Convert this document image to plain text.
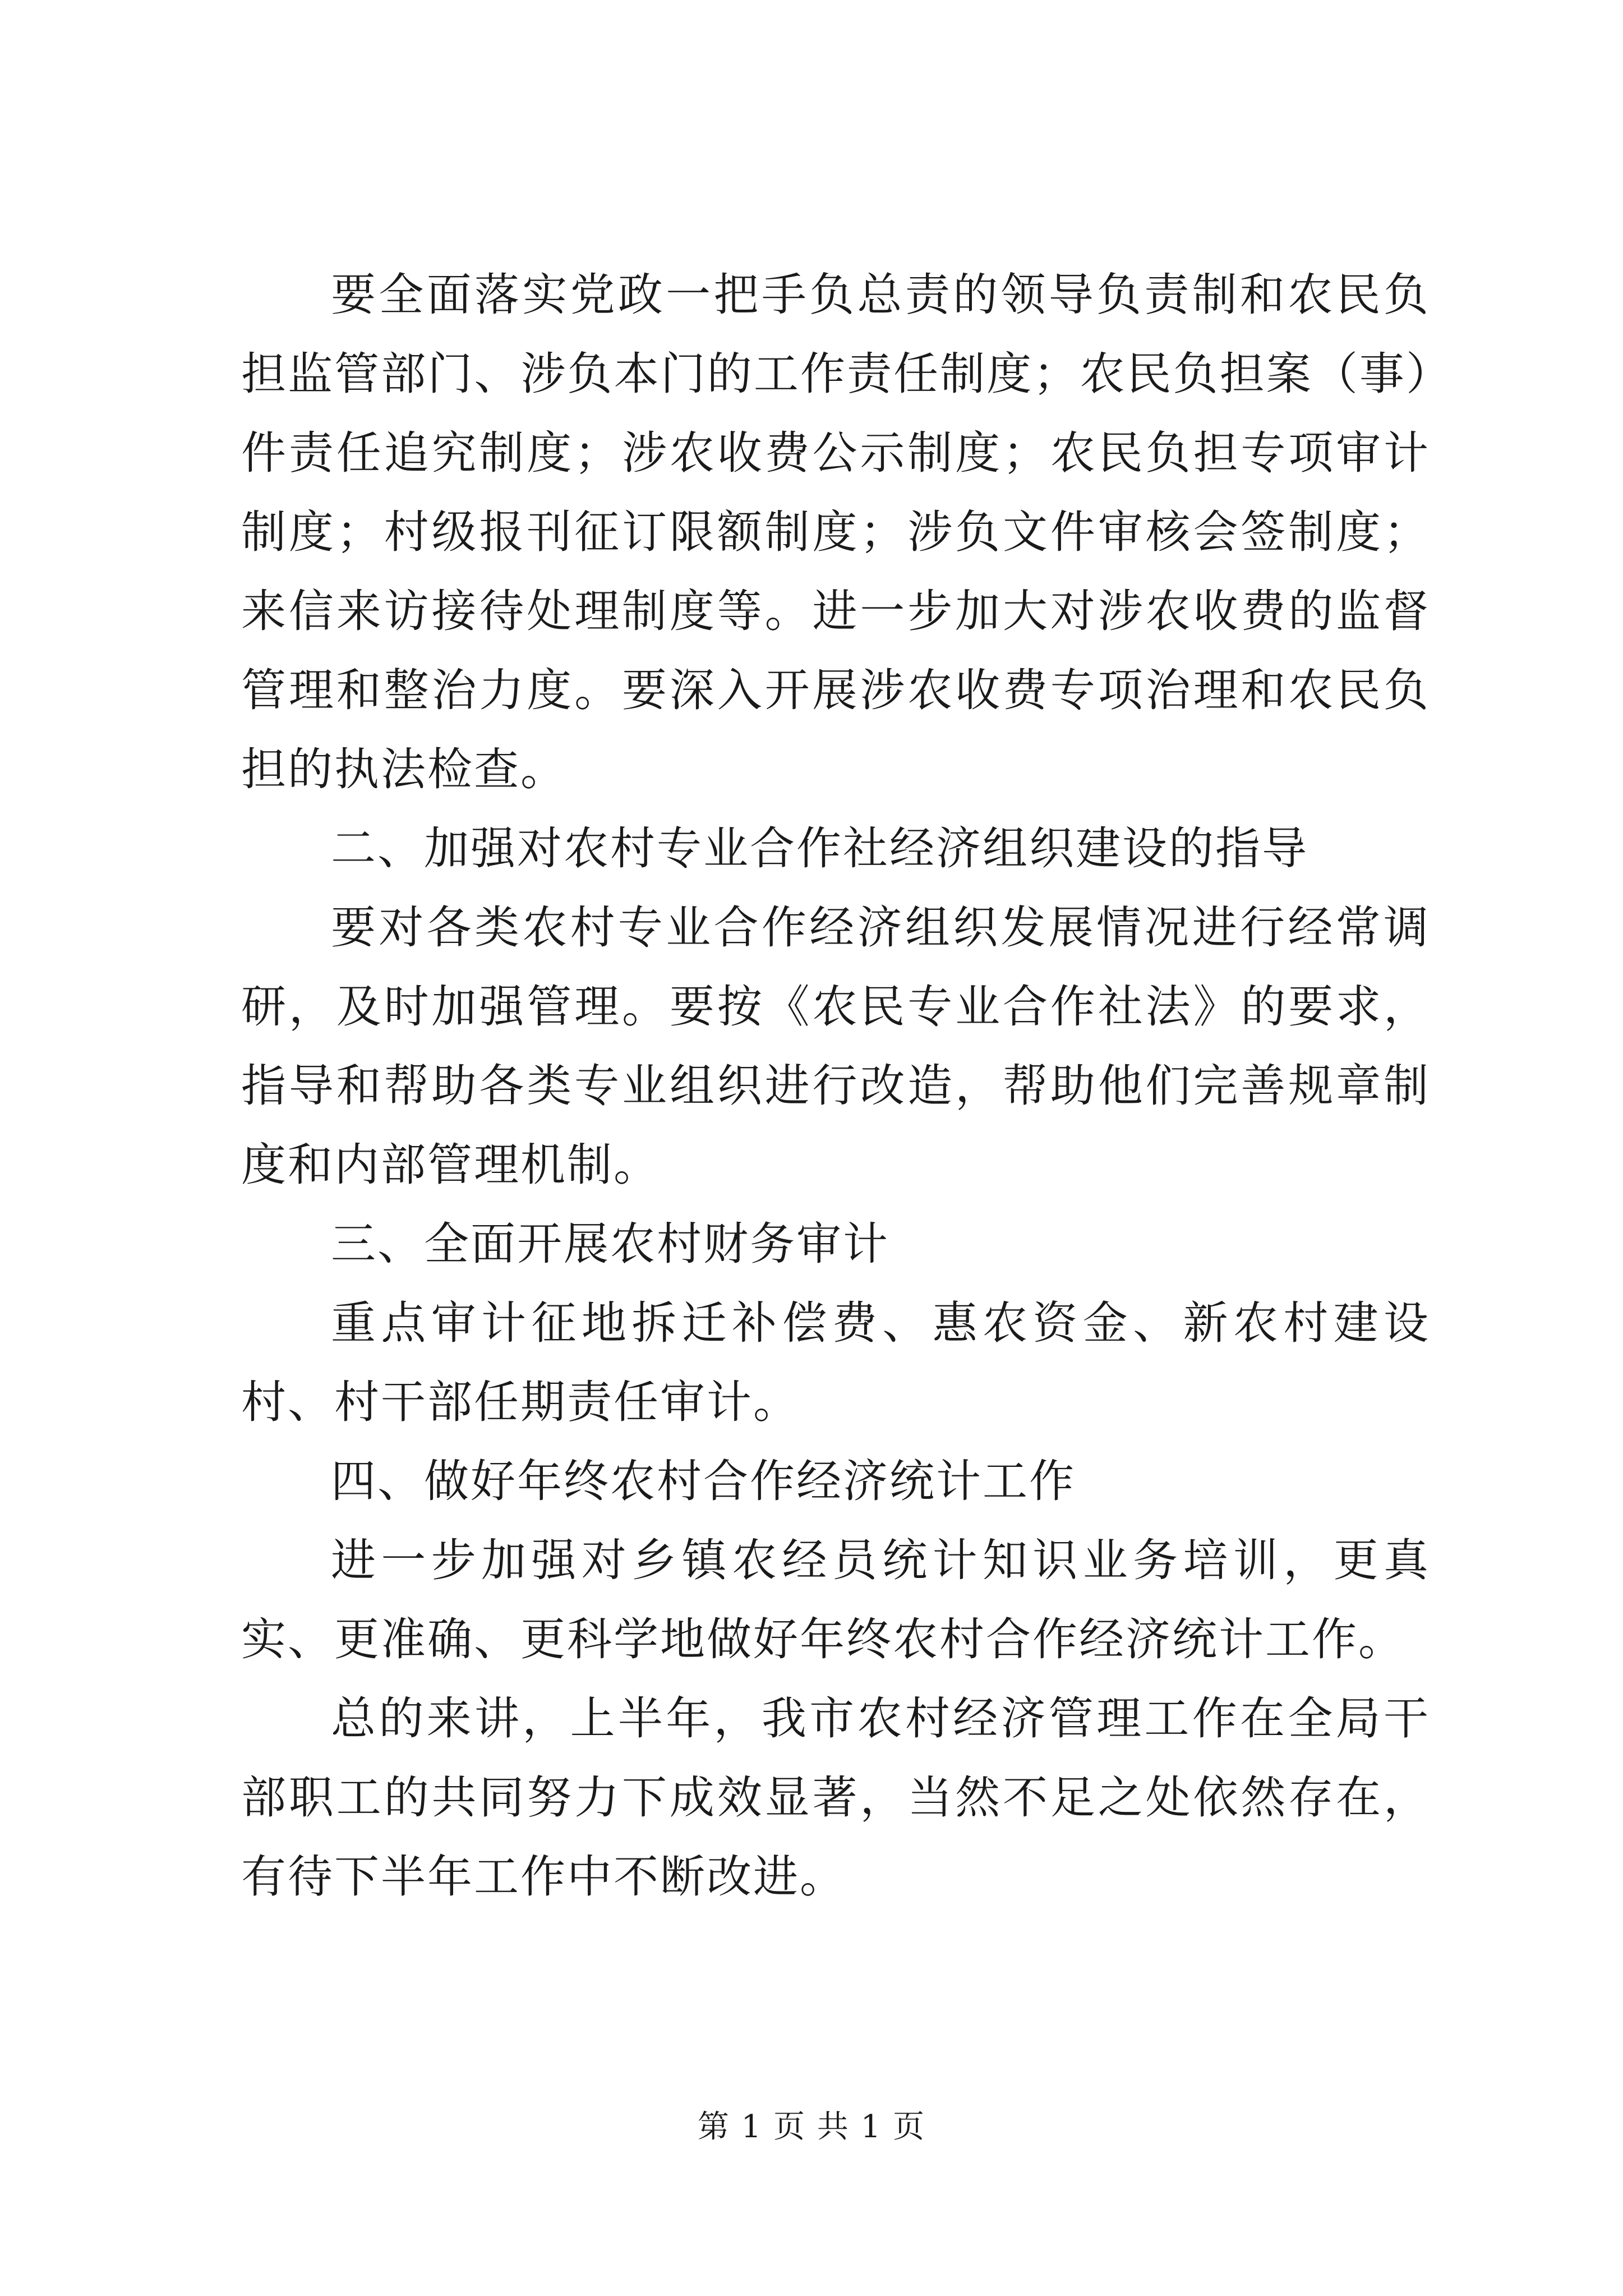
要全面落实党政一把手负总责的领导负责制和农民负担监管部门、涉负本门的工作责任制度；农民负担案（事）件责任追究制度；涉农收费公示制度；农民负担专项审计制度；村级报刊征订限额制度；涉负文件审核会签制度；来信来访接待处理制度等。进一步加大对涉农收费的监督管理和整治力度。要深入开展涉农收费专项治理和农民负担的执法检查。

二、加强对农村专业合作社经济组织建设的指导

要对各类农村专业合作经济组织发展情况进行经常调研，及时加强管理。要按《农民专业合作社法》的要求，指导和帮助各类专业组织进行改造，帮助他们完善规章制度和内部管理机制。

三、全面开展农村财务审计

重点审计征地拆迁补偿费、惠农资金、新农村建设村、村干部任期责任审计。

四、做好年终农村合作经济统计工作

进一步加强对乡镇农经员统计知识业务培训，更真实、更准确、更科学地做好年终农村合作经济统计工作。

总的来讲，上半年，我市农村经济管理工作在全局干部职工的共同努力下成效显著，当然不足之处依然存在，有待下半年工作中不断改进。

第 1 页 共 1 页
